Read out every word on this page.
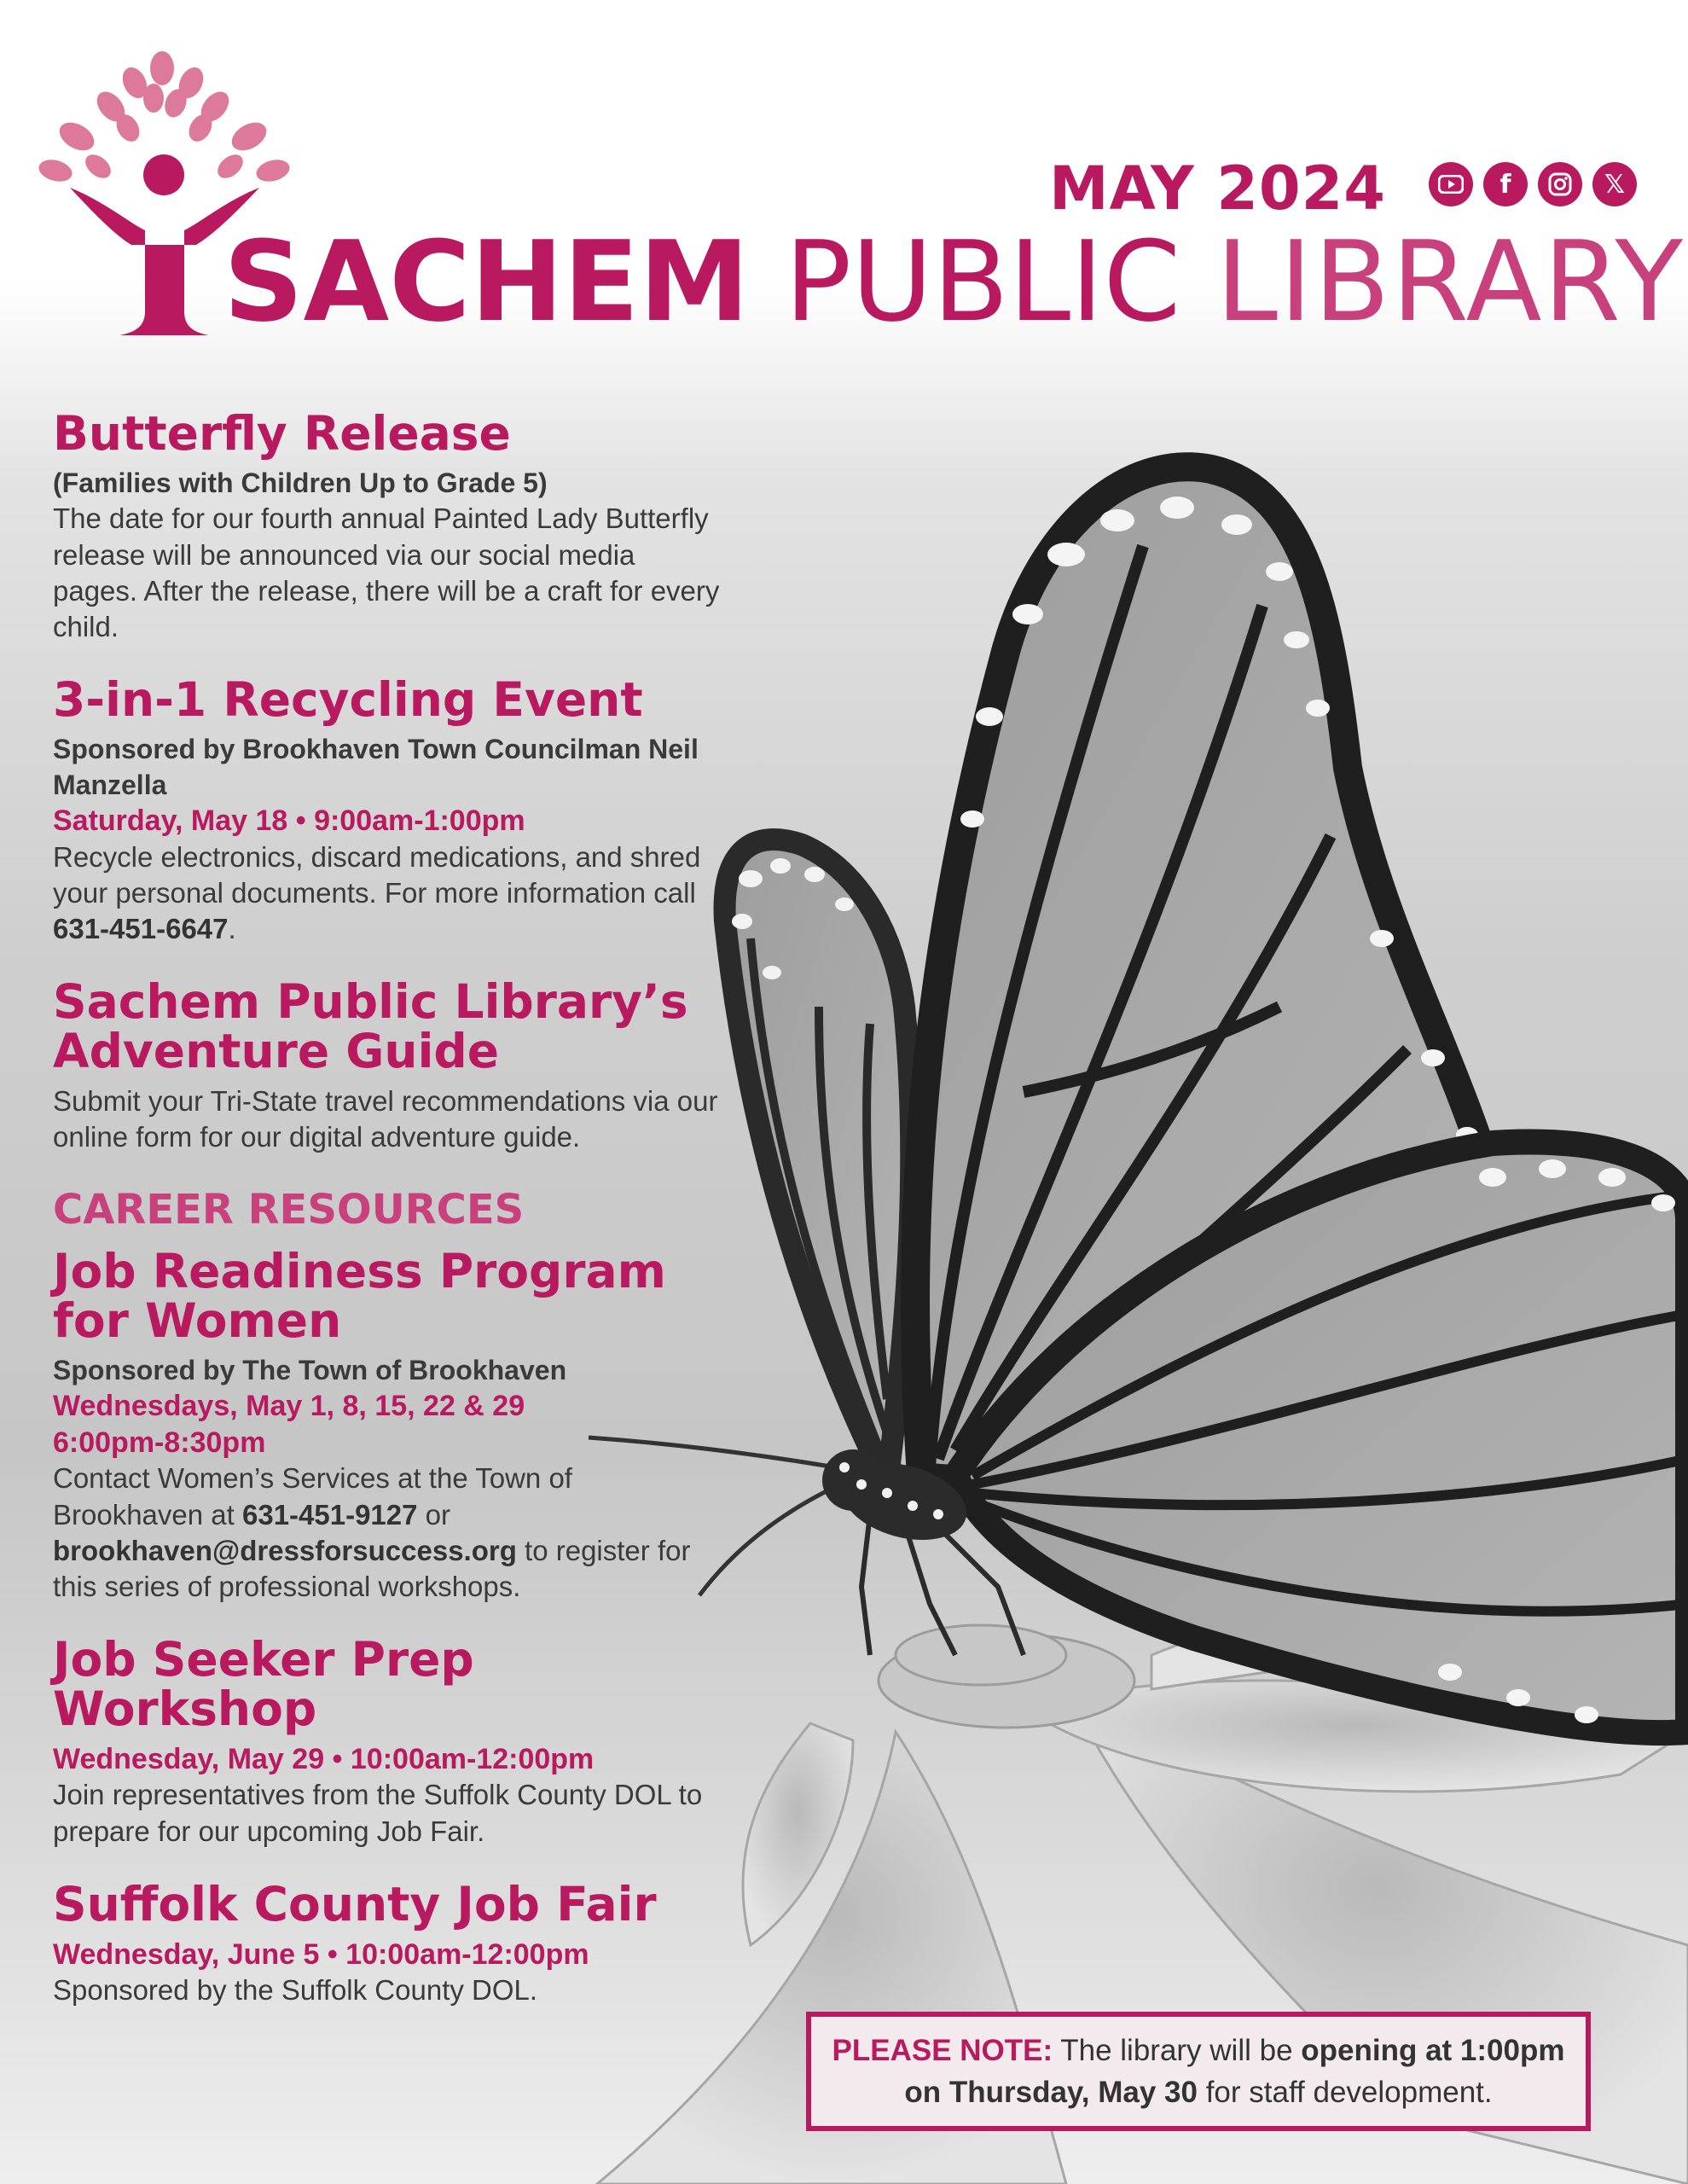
MAY 2024	f	𝕏
SACHEM PUBLIC LIBRARY
Butterfly Release

(Families with Children Up to Grade 5)

The date for our fourth annual Painted Lady Butterfly release will be announced via our social media pages. After the release, there will be a craft for every child.

3-in-1 Recycling Event

Sponsored by Brookhaven Town Councilman Neil Manzella

Saturday, May 18 • 9:00am-1:00pm

Recycle electronics, discard medications, and shred your personal documents. For more information call 631-451-6647.

Sachem Public Library’s Adventure Guide

Submit your Tri-State travel recommendations via our online form for our digital adventure guide.

CAREER RESOURCES
Job Readiness Program for Women

Sponsored by The Town of Brookhaven

Wednesdays, May 1, 8, 15, 22 & 29

6:00pm-8:30pm

Contact Women’s Services at the Town of Brookhaven at 631-451-9127 or brookhaven@dressforsuccess.org to register for this series of professional workshops.

Job Seeker Prep Workshop

Wednesday, May 29 • 10:00am-12:00pm

Join representatives from the Suffolk County DOL to prepare for our upcoming Job Fair.

Suffolk County Job Fair

Wednesday, June 5 • 10:00am-12:00pm

Sponsored by the Suffolk County DOL.

PLEASE NOTE: The library will be opening at 1:00pm on Thursday, May 30 for staff development.
